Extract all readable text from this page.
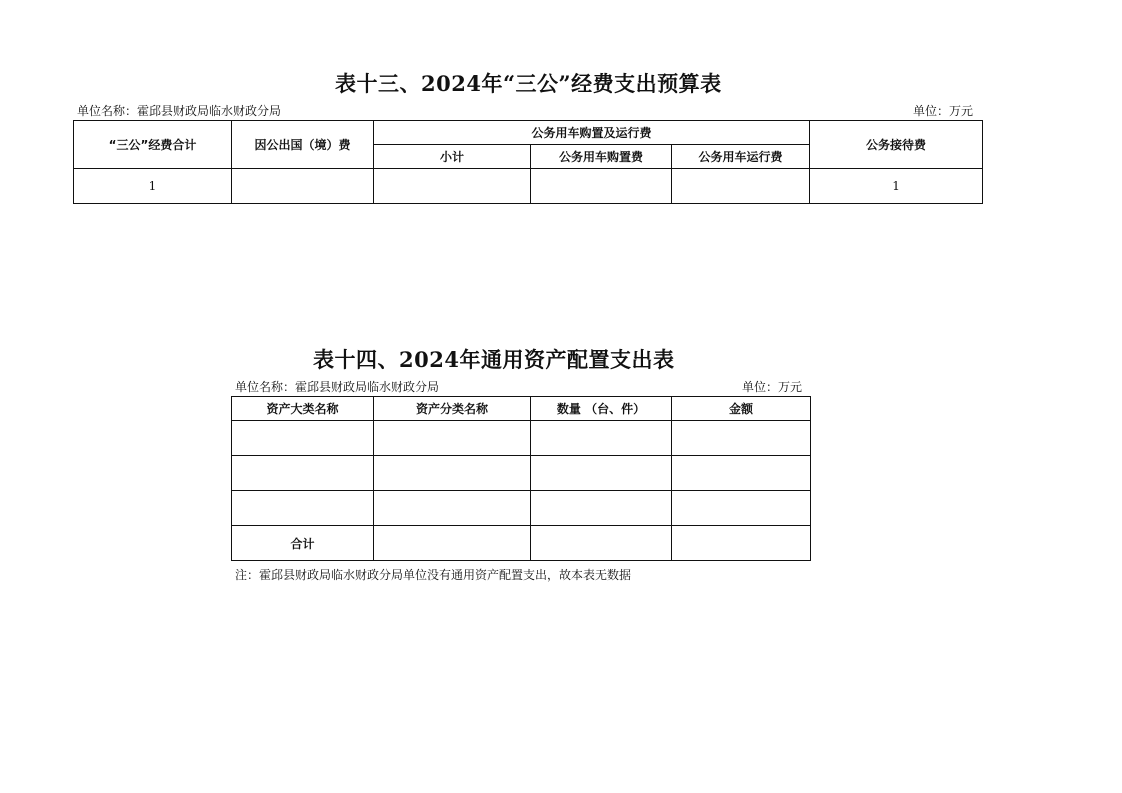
表十三、2024年“三公”经费支出预算表
单位名称：霍邱县财政局临水财政分局	单位：万元
“三公”经费合计	因公出国（境）费	公务用车购置及运行费			公务接待费
		小计	公务用车购置费	公务用车运行费	
1					1
表十四、2024年通用资产配置支出表
单位名称：霍邱县财政局临水财政分局	单位：万元
资产大类名称	资产分类名称	数量 （台、件）	金额

合计			
注：霍邱县财政局临水财政分局单位没有通用资产配置支出，故本表无数据
